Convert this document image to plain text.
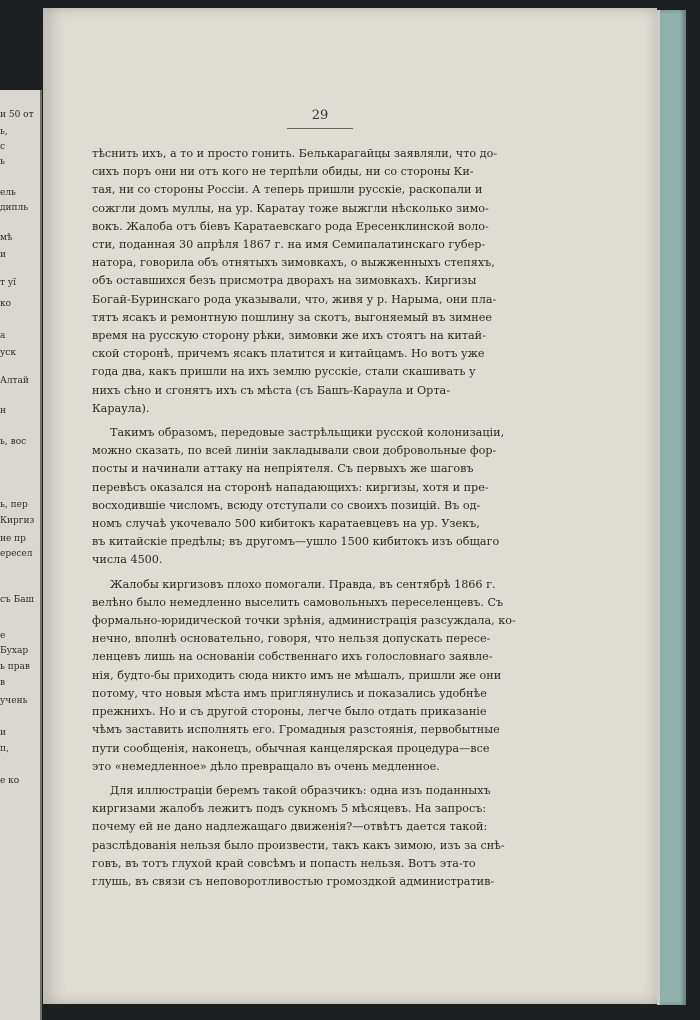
и 50 от
ь,
с
ь
ель
дипль
мѣ
и
т уї
ко
а
уск
Алтай
н
ь, вос
ь, пер
Киргиз
не пр
ересел
съ Баш
е
Бухар
ь прав
в
учень
и
п,
е ко
29
тѣснить ихъ, а то и просто гонить. Белькарагайцы заявляли, что до-
сихъ поръ они ни отъ кого не терпѣли обиды, ни со стороны Ки-
тая, ни со стороны Россiи. А теперь пришли русскiе, раскопали и
сожгли домъ муллы, на ур. Каратау тоже выжгли нѣсколько зимо-
вокъ. Жалоба отъ бiевъ Каратаевскаго рода Ересенклинской воло-
сти, поданная 30 апрѣля 1867 г. на имя Семипалатинскаго губер-
натора, говорила объ отнятыхъ зимовкахъ, о выжженныхъ степяхъ,
объ оставшихся безъ присмотра дворахъ на зимовкахъ. Киргизы
Богай-Буринскаго рода указывали, что, живя у р. Нарыма, они пла-
тятъ ясакъ и ремонтную пошлину за скотъ, выгоняемый въ зимнее
время на русскую сторону рѣки, зимовки же ихъ стоятъ на китай-
ской сторонѣ, причемъ ясакъ платится и китайцамъ. Но вотъ уже
года два, какъ пришли на ихъ землю русскiе, стали скашивать у
нихъ сѣно и сгонятъ ихъ съ мѣста (съ Башъ-Караула и Орта-
Караула).
Такимъ образомъ, передовые застрѣльщики русской колонизацiи,
можно сказать, по всей линiи закладывали свои добровольные фор-
посты и начинали аттаку на непрiятеля. Съ первыхъ же шаговъ
перевѣсъ оказался на сторонѣ нападающихъ: киргизы, хотя и пре-
восходившiе числомъ, всюду отступали со своихъ позицiй. Въ од-
номъ случаѣ укочевало 500 кибитокъ каратаевцевъ на ур. Узекъ,
въ китайскiе предѣлы; въ другомъ—ушло 1500 кибитокъ изъ общаго
числа 4500.
Жалобы киргизовъ плохо помогали. Правда, въ сентябрѣ 1866 г.
велѣно было немедленно выселить самовольныхъ переселенцевъ. Съ
формально-юридической точки зрѣнiя, администрацiя разсуждала, ко-
нечно, вполнѣ основательно, говоря, что нельзя допускать пересе-
ленцевъ лишь на основанiи собственнаго ихъ голословнаго заявле-
нiя, будто-бы приходить сюда никто имъ не мѣшалъ, пришли же они
потому, что новыя мѣста имъ приглянулись и показались удобнѣе
прежнихъ. Но и съ другой стороны, легче было отдать приказанiе
чѣмъ заставить исполнять его. Громадныя разстоянiя, первобытные
пути сообщенiя, наконецъ, обычная канцелярская процедура—все
это «немедленное» дѣло превращало въ очень медленное.
Для иллюстрацiи беремъ такой образчикъ: одна изъ поданныхъ
киргизами жалобъ лежитъ подъ сукномъ 5 мѣсяцевъ. На запросъ:
почему ей не дано надлежащаго движенiя?—отвѣтъ дается такой:
разслѣдованiя нельзя было произвести, такъ какъ зимою, изъ за снѣ-
говъ, въ тотъ глухой край совсѣмъ и попасть нельзя. Вотъ эта-то
глушь, въ связи съ неповоротливостью громоздкой административ-
